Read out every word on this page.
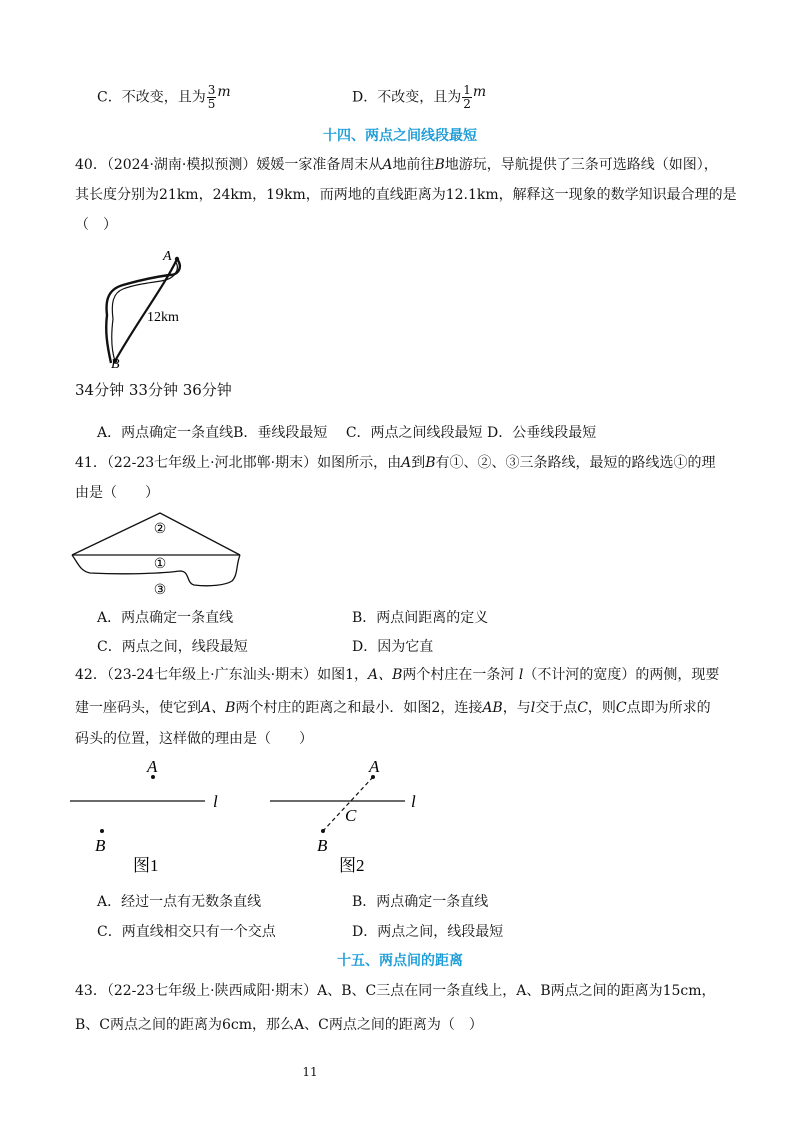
C．不改变，且为 $\frac{3}{5}$ m	D．不改变，且为 $\frac{1}{2}$ m
十四、两点之间线段最短
40．（2024·湖南·模拟预测）媛媛一家准备周末从A地前往B地游玩，导航提供了三条可选路线（如图），
其长度分别为21km，24km，19km，而两地的直线距离为12.1km，解释这一现象的数学知识最合理的是
（　）
A
B
12km
34分钟 33分钟 36分钟
A．两点确定一条直线B．垂线段最短　 C．两点之间线段最短 D．公垂线段最短
41．（22-23七年级上·河北邯郸·期末）如图所示，由A到B有①、②、③三条路线，最短的路线选①的理
由是（　　）
②
①
③
A．两点确定一条直线	B．两点间距离的定义
C．两点之间，线段最短	D．因为它直
42．（23-24七年级上·广东汕头·期末）如图1，A、B两个村庄在一条河 l（不计河的宽度）的两侧，现要
建一座码头，使它到A、B两个村庄的距离之和最小．如图2，连接AB，与l交于点C，则C点即为所求的
码头的位置，这样做的理由是（　　）
A
B
l
图1
A
B
C
l
图2
A．经过一点有无数条直线	B．两点确定一条直线
C．两直线相交只有一个交点	D．两点之间，线段最短
十五、两点间的距离
43．（22-23七年级上·陕西咸阳·期末）A、B、C三点在同一条直线上，A、B两点之间的距离为15cm，
B、C两点之间的距离为6cm，那么A、C两点之间的距离为（　）
11
